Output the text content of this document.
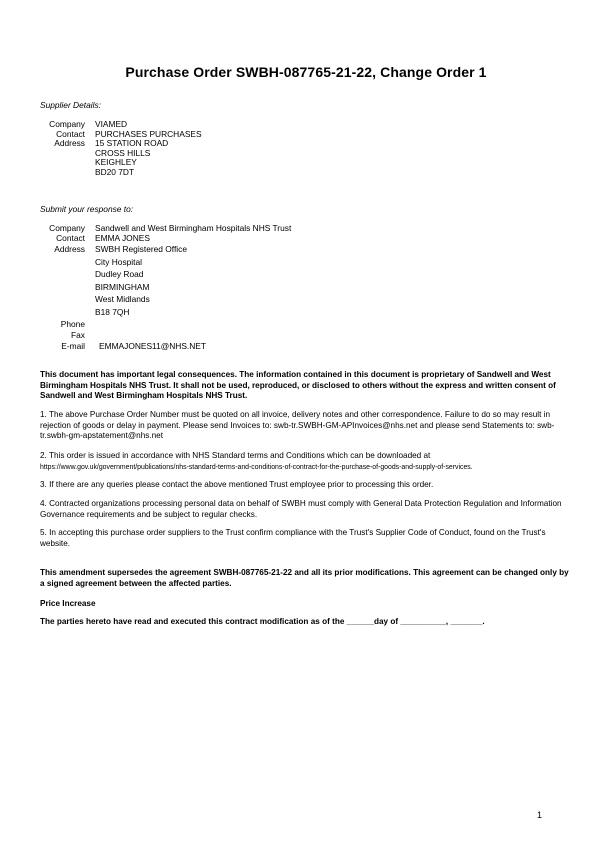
Purchase Order SWBH-087765-21-22, Change Order 1
Supplier Details:
Company	VIAMED
Contact	PURCHASES PURCHASES
Address	15 STATION ROAD
CROSS HILLS
KEIGHLEY
BD20 7DT
Submit your response to:
Company	Sandwell and West Birmingham Hospitals NHS Trust
Contact	EMMA JONES
Address	SWBH Registered Office
City Hospital
Dudley Road
BIRMINGHAM
West Midlands
B18 7QH
Phone
Fax
E-mail	EMMAJONES11@NHS.NET

This document has important legal consequences. The information contained in this document is proprietary of Sandwell and West Birmingham Hospitals NHS Trust. It shall not be used, reproduced, or disclosed to others without the express and written consent of Sandwell and West Birmingham Hospitals NHS Trust.

1. The above Purchase Order Number must be quoted on all invoice, delivery notes and other correspondence. Failure to do so may result in rejection of goods or delay in payment. Please send Invoices to: swb-tr.SWBH-GM-APInvoices@nhs.net and please send Statements to: swb-tr.swbh-gm-apstatement@nhs.net

2. This order is issued in accordance with NHS Standard terms and Conditions which can be downloaded at
https://www.gov.uk/government/publications/nhs-standard-terms-and-conditions-of-contract-for-the-purchase-of-goods-and-supply-of-services.

3. If there are any queries please contact the above mentioned Trust employee prior to processing this order.

4. Contracted organizations processing personal data on behalf of SWBH must comply with General Data Protection Regulation and Information Governance requirements and be subject to regular checks.

5. In accepting this purchase order suppliers to the Trust confirm compliance with the Trust's Supplier Code of Conduct, found on the Trust's website.

This amendment supersedes the agreement SWBH-087765-21-22 and all its prior modifications. This agreement can be changed only by a signed agreement between the affected parties.

Price Increase

The parties hereto have read and executed this contract modification as of the ______day of __________, _______.

1
